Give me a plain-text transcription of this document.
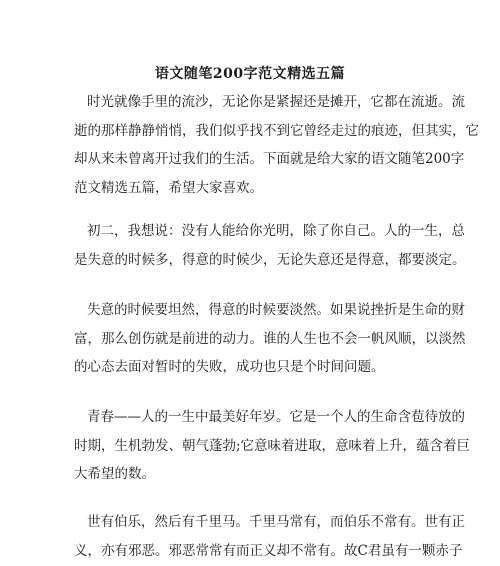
语文随笔200字范文精选五篇

时光就像手里的流沙，无论你是紧握还是摊开，它都在流逝。流
逝的那样静静悄悄，我们似乎找不到它曾经走过的痕迹，但其实，它
却从来未曾离开过我们的生活。下面就是给大家的语文随笔200字
范文精选五篇，希望大家喜欢。

初二，我想说：没有人能给你光明，除了你自己。人的一生，总
是失意的时候多，得意的时候少，无论失意还是得意，都要淡定。

失意的时候要坦然，得意的时候要淡然。如果说挫折是生命的财
富，那么创伤就是前进的动力。谁的人生也不会一帆风顺，以淡然
的心态去面对暂时的失败，成功也只是个时间问题。

青春——人的一生中最美好年岁。它是一个人的生命含苞待放的
时期，生机勃发、朝气蓬勃;它意味着进取，意味着上升，蕴含着巨
大希望的数。

世有伯乐，然后有千里马。千里马常有，而伯乐不常有。世有正
义，亦有邪恶。邪恶常常有而正义却不常有。故C君虽有一颗赤子
